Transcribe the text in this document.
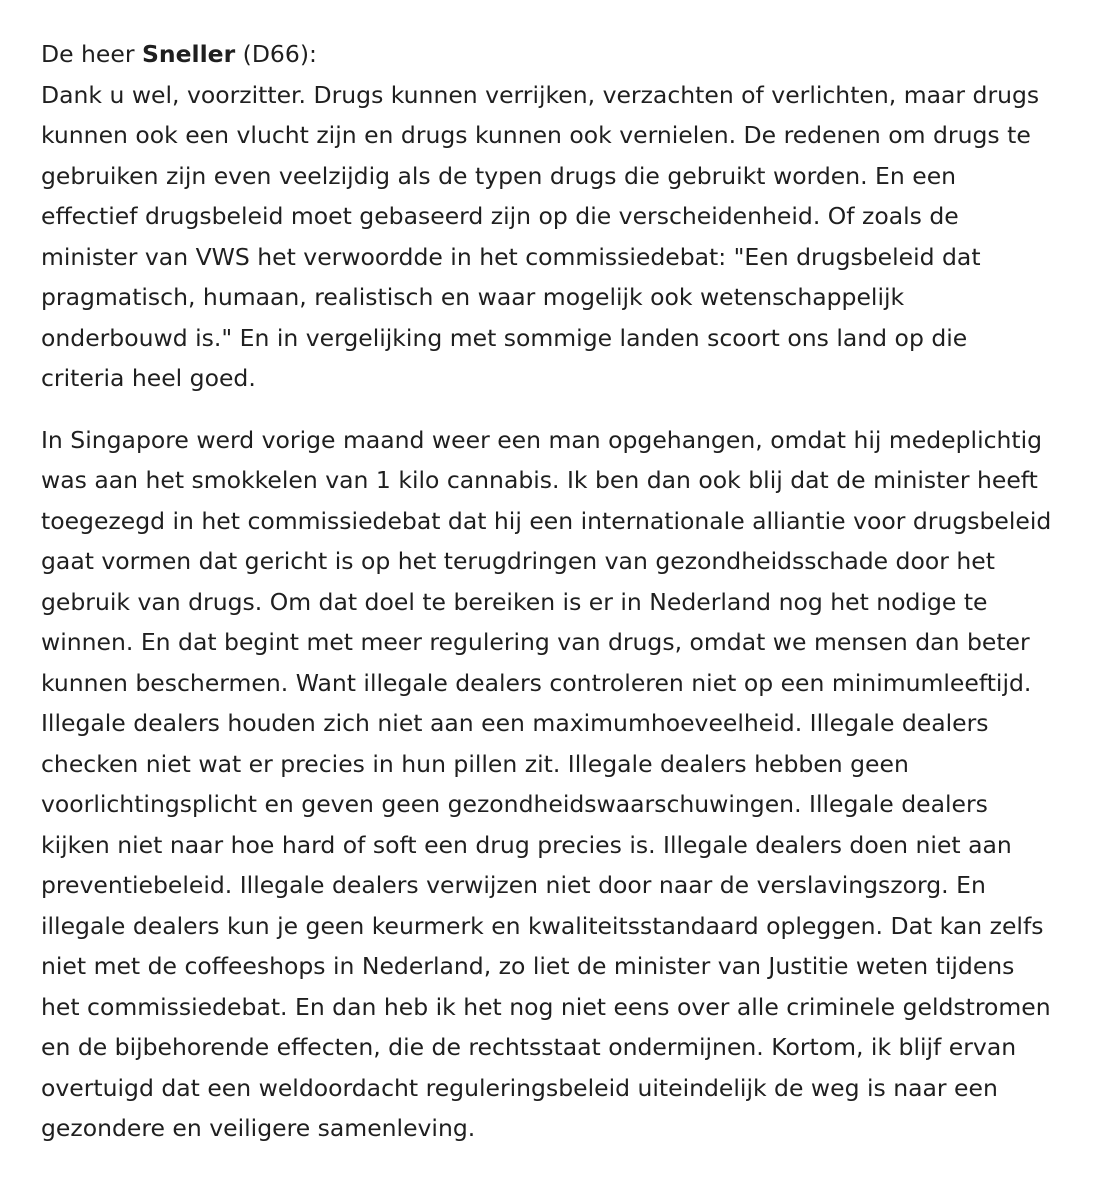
De heer Sneller (D66):

Dank u wel, voorzitter. Drugs kunnen verrijken, verzachten of verlichten, maar drugs kunnen ook een vlucht zijn en drugs kunnen ook vernielen. De redenen om drugs te gebruiken zijn even veelzijdig als de typen drugs die gebruikt worden. En een effectief drugsbeleid moet gebaseerd zijn op die verscheidenheid. Of zoals de minister van VWS het verwoordde in het commissiedebat: "Een drugsbeleid dat pragmatisch, humaan, realistisch en waar mogelijk ook wetenschappelijk onderbouwd is." En in vergelijking met sommige landen scoort ons land op die criteria heel goed.

In Singapore werd vorige maand weer een man opgehangen, omdat hij medeplichtig was aan het smokkelen van 1 kilo cannabis. Ik ben dan ook blij dat de minister heeft toegezegd in het commissiedebat dat hij een internationale alliantie voor drugsbeleid gaat vormen dat gericht is op het terugdringen van gezondheidsschade door het gebruik van drugs. Om dat doel te bereiken is er in Nederland nog het nodige te winnen. En dat begint met meer regulering van drugs, omdat we mensen dan beter kunnen beschermen. Want illegale dealers controleren niet op een minimumleeftijd. Illegale dealers houden zich niet aan een maximumhoeveelheid. Illegale dealers checken niet wat er precies in hun pillen zit. Illegale dealers hebben geen voorlichtingsplicht en geven geen gezondheidswaarschuwingen. Illegale dealers kijken niet naar hoe hard of soft een drug precies is. Illegale dealers doen niet aan preventiebeleid. Illegale dealers verwijzen niet door naar de verslavingszorg. En illegale dealers kun je geen keurmerk en kwaliteitsstandaard opleggen. Dat kan zelfs niet met de coffeeshops in Nederland, zo liet de minister van Justitie weten tijdens het commissiedebat. En dan heb ik het nog niet eens over alle criminele geldstromen en de bijbehorende effecten, die de rechtsstaat ondermijnen. Kortom, ik blijf ervan overtuigd dat een weldoordacht reguleringsbeleid uiteindelijk de weg is naar een gezondere en veiligere samenleving.
